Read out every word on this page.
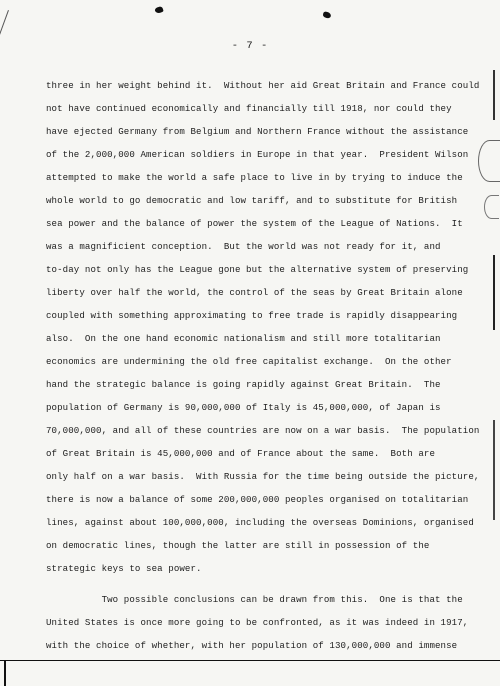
- 7 -
three in her weight behind it.  Without her aid Great Britain and France could
not have continued economically and financially till 1918, nor could they
have ejected Germany from Belgium and Northern France without the assistance
of the 2,000,000 American soldiers in Europe in that year.  President Wilson
attempted to make the world a safe place to live in by trying to induce the
whole world to go democratic and low tariff, and to substitute for British
sea power and the balance of power the system of the League of Nations.  It
was a magnificient conception.  But the world was not ready for it, and
to-day not only has the League gone but the alternative system of preserving
liberty over half the world, the control of the seas by Great Britain alone
coupled with something approximating to free trade is rapidly disappearing
also.  On the one hand economic nationalism and still more totalitarian
economics are undermining the old free capitalist exchange.  On the other
hand the strategic balance is going rapidly against Great Britain.  The
population of Germany is 90,000,000 of Italy is 45,000,000, of Japan is
70,000,000, and all of these countries are now on a war basis.  The population
of Great Britain is 45,000,000 and of France about the same.  Both are
only half on a war basis.  With Russia for the time being outside the picture,
there is now a balance of some 200,000,000 peoples organised on totalitarian
lines, against about 100,000,000, including the overseas Dominions, organised
on democratic lines, though the latter are still in possession of the
strategic keys to sea power.
Two possible conclusions can be drawn from this.  One is that the
United States is once more going to be confronted, as it was indeed in 1917,
with the choice of whether, with her population of 130,000,000 and immense
